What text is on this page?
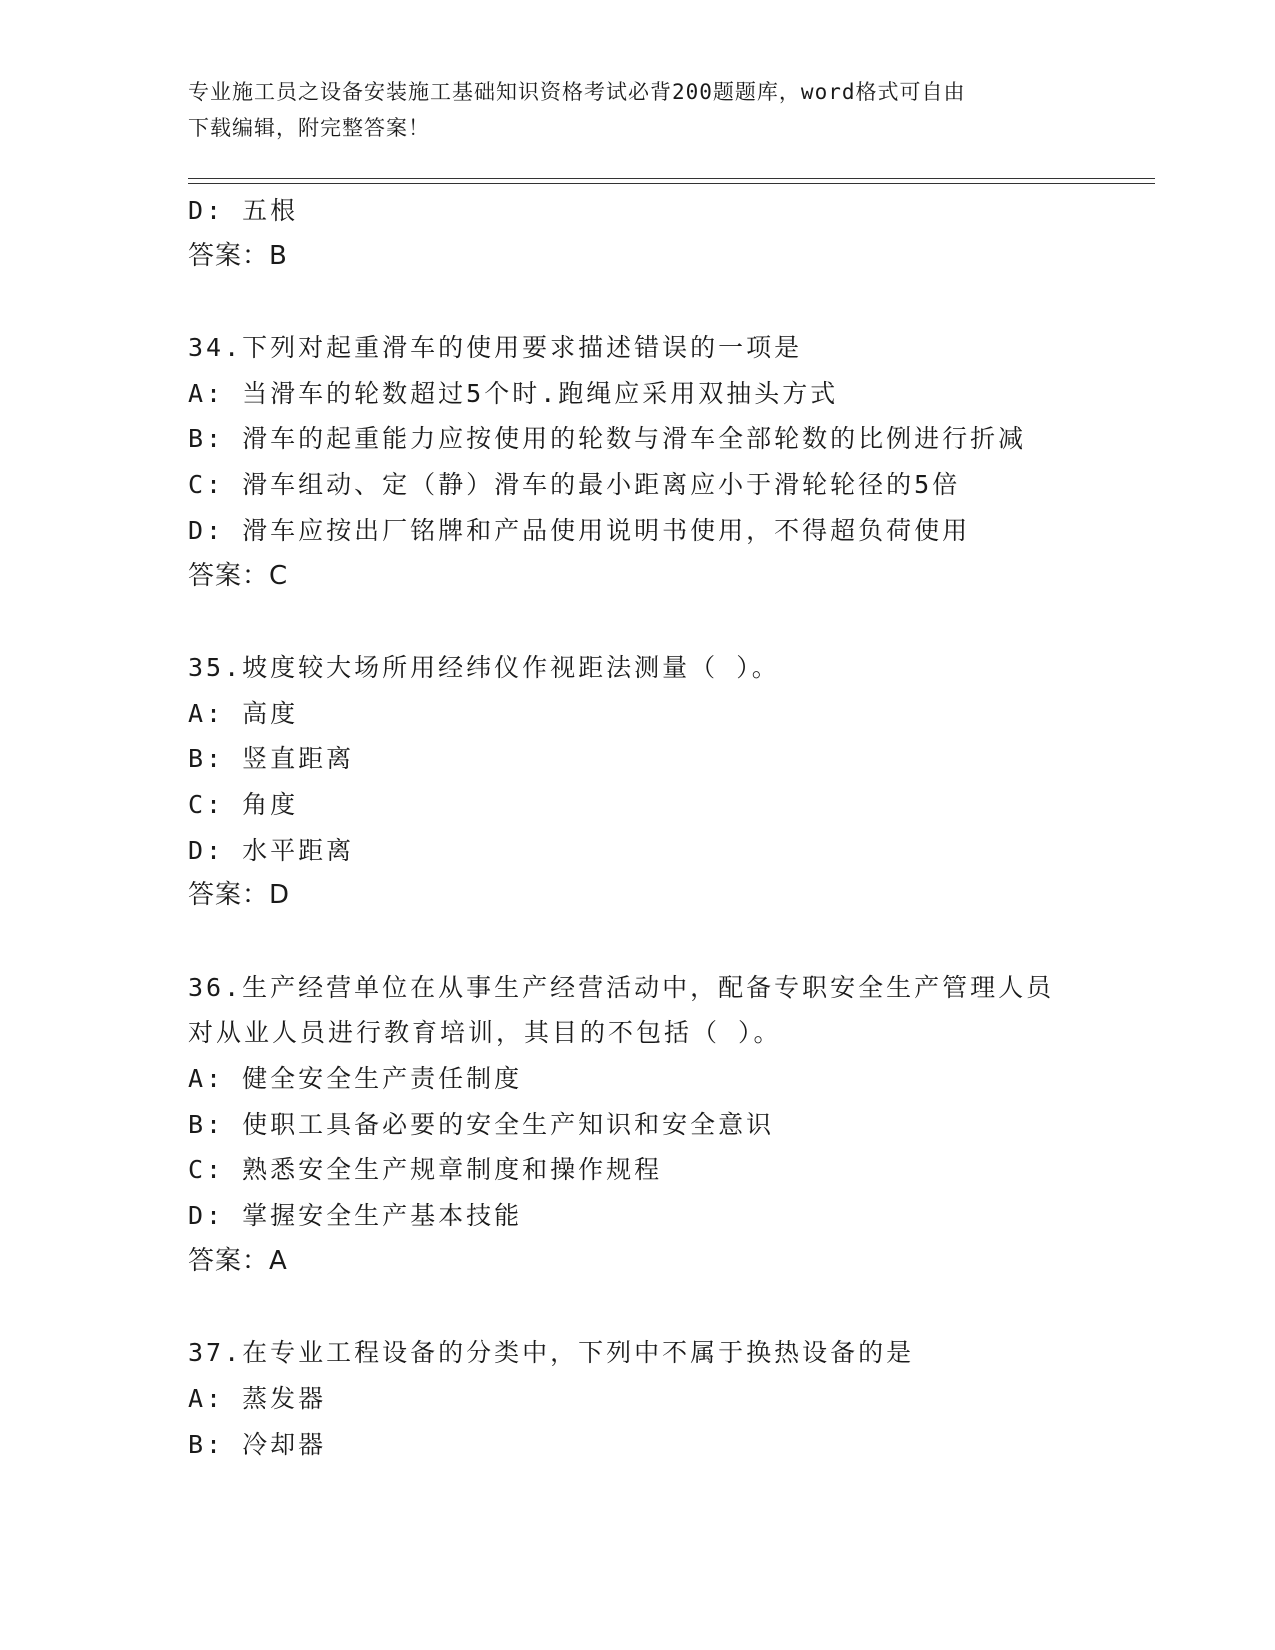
专业施工员之设备安装施工基础知识资格考试必背200题题库，word格式可自由
下载编辑，附完整答案！
D: 五根
答案：B
34.下列对起重滑车的使用要求描述错误的一项是
A: 当滑车的轮数超过5个时.跑绳应采用双抽头方式
B: 滑车的起重能力应按使用的轮数与滑车全部轮数的比例进行折减
C: 滑车组动、定（静）滑车的最小距离应小于滑轮轮径的5倍
D: 滑车应按出厂铭牌和产品使用说明书使用，不得超负荷使用
答案：C
35.坡度较大场所用经纬仪作视距法测量（ ）。
A: 高度
B: 竖直距离
C: 角度
D: 水平距离
答案：D
36.生产经营单位在从事生产经营活动中，配备专职安全生产管理人员
对从业人员进行教育培训，其目的不包括（ ）。
A: 健全安全生产责任制度
B: 使职工具备必要的安全生产知识和安全意识
C: 熟悉安全生产规章制度和操作规程
D: 掌握安全生产基本技能
答案：A
37.在专业工程设备的分类中，下列中不属于换热设备的是
A: 蒸发器
B: 冷却器
